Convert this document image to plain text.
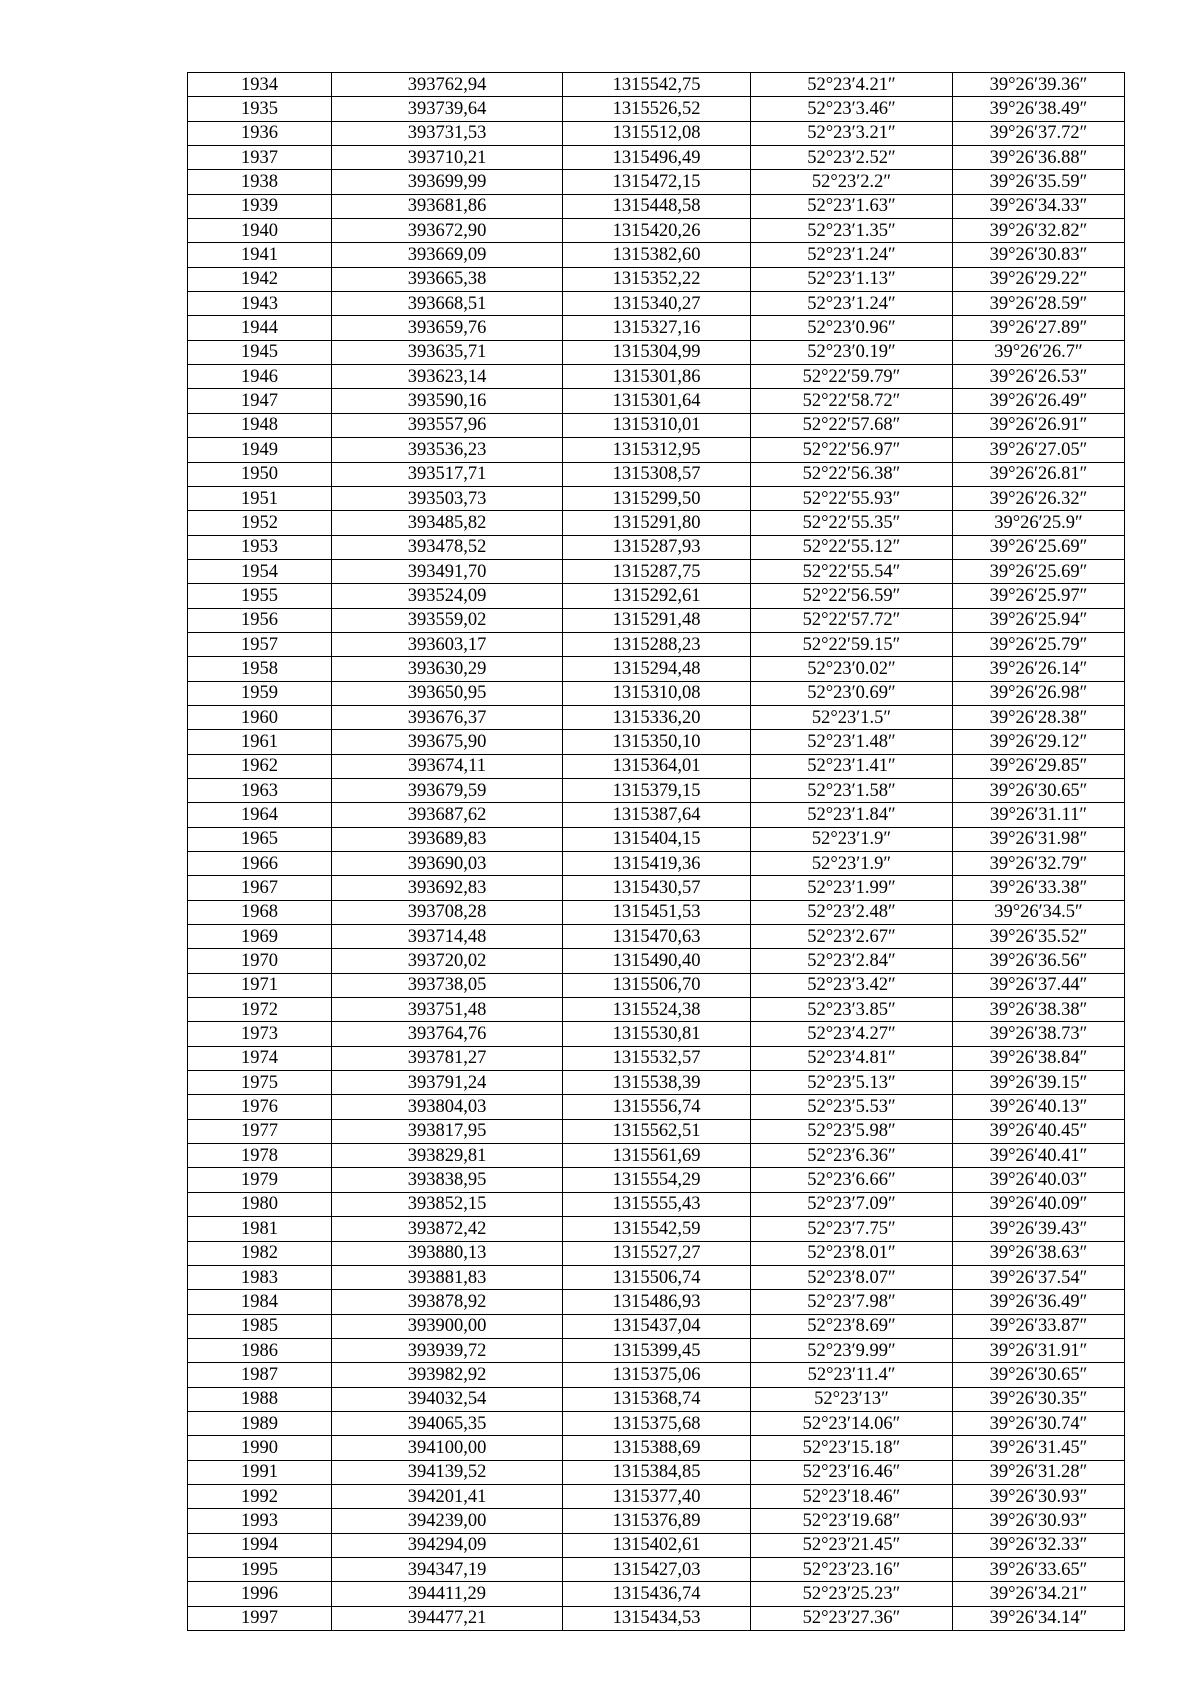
1934	393762,94	1315542,75	52°23′4.21″	39°26′39.36″
1935	393739,64	1315526,52	52°23′3.46″	39°26′38.49″
1936	393731,53	1315512,08	52°23′3.21″	39°26′37.72″
1937	393710,21	1315496,49	52°23′2.52″	39°26′36.88″
1938	393699,99	1315472,15	52°23′2.2″	39°26′35.59″
1939	393681,86	1315448,58	52°23′1.63″	39°26′34.33″
1940	393672,90	1315420,26	52°23′1.35″	39°26′32.82″
1941	393669,09	1315382,60	52°23′1.24″	39°26′30.83″
1942	393665,38	1315352,22	52°23′1.13″	39°26′29.22″
1943	393668,51	1315340,27	52°23′1.24″	39°26′28.59″
1944	393659,76	1315327,16	52°23′0.96″	39°26′27.89″
1945	393635,71	1315304,99	52°23′0.19″	39°26′26.7″
1946	393623,14	1315301,86	52°22′59.79″	39°26′26.53″
1947	393590,16	1315301,64	52°22′58.72″	39°26′26.49″
1948	393557,96	1315310,01	52°22′57.68″	39°26′26.91″
1949	393536,23	1315312,95	52°22′56.97″	39°26′27.05″
1950	393517,71	1315308,57	52°22′56.38″	39°26′26.81″
1951	393503,73	1315299,50	52°22′55.93″	39°26′26.32″
1952	393485,82	1315291,80	52°22′55.35″	39°26′25.9″
1953	393478,52	1315287,93	52°22′55.12″	39°26′25.69″
1954	393491,70	1315287,75	52°22′55.54″	39°26′25.69″
1955	393524,09	1315292,61	52°22′56.59″	39°26′25.97″
1956	393559,02	1315291,48	52°22′57.72″	39°26′25.94″
1957	393603,17	1315288,23	52°22′59.15″	39°26′25.79″
1958	393630,29	1315294,48	52°23′0.02″	39°26′26.14″
1959	393650,95	1315310,08	52°23′0.69″	39°26′26.98″
1960	393676,37	1315336,20	52°23′1.5″	39°26′28.38″
1961	393675,90	1315350,10	52°23′1.48″	39°26′29.12″
1962	393674,11	1315364,01	52°23′1.41″	39°26′29.85″
1963	393679,59	1315379,15	52°23′1.58″	39°26′30.65″
1964	393687,62	1315387,64	52°23′1.84″	39°26′31.11″
1965	393689,83	1315404,15	52°23′1.9″	39°26′31.98″
1966	393690,03	1315419,36	52°23′1.9″	39°26′32.79″
1967	393692,83	1315430,57	52°23′1.99″	39°26′33.38″
1968	393708,28	1315451,53	52°23′2.48″	39°26′34.5″
1969	393714,48	1315470,63	52°23′2.67″	39°26′35.52″
1970	393720,02	1315490,40	52°23′2.84″	39°26′36.56″
1971	393738,05	1315506,70	52°23′3.42″	39°26′37.44″
1972	393751,48	1315524,38	52°23′3.85″	39°26′38.38″
1973	393764,76	1315530,81	52°23′4.27″	39°26′38.73″
1974	393781,27	1315532,57	52°23′4.81″	39°26′38.84″
1975	393791,24	1315538,39	52°23′5.13″	39°26′39.15″
1976	393804,03	1315556,74	52°23′5.53″	39°26′40.13″
1977	393817,95	1315562,51	52°23′5.98″	39°26′40.45″
1978	393829,81	1315561,69	52°23′6.36″	39°26′40.41″
1979	393838,95	1315554,29	52°23′6.66″	39°26′40.03″
1980	393852,15	1315555,43	52°23′7.09″	39°26′40.09″
1981	393872,42	1315542,59	52°23′7.75″	39°26′39.43″
1982	393880,13	1315527,27	52°23′8.01″	39°26′38.63″
1983	393881,83	1315506,74	52°23′8.07″	39°26′37.54″
1984	393878,92	1315486,93	52°23′7.98″	39°26′36.49″
1985	393900,00	1315437,04	52°23′8.69″	39°26′33.87″
1986	393939,72	1315399,45	52°23′9.99″	39°26′31.91″
1987	393982,92	1315375,06	52°23′11.4″	39°26′30.65″
1988	394032,54	1315368,74	52°23′13″	39°26′30.35″
1989	394065,35	1315375,68	52°23′14.06″	39°26′30.74″
1990	394100,00	1315388,69	52°23′15.18″	39°26′31.45″
1991	394139,52	1315384,85	52°23′16.46″	39°26′31.28″
1992	394201,41	1315377,40	52°23′18.46″	39°26′30.93″
1993	394239,00	1315376,89	52°23′19.68″	39°26′30.93″
1994	394294,09	1315402,61	52°23′21.45″	39°26′32.33″
1995	394347,19	1315427,03	52°23′23.16″	39°26′33.65″
1996	394411,29	1315436,74	52°23′25.23″	39°26′34.21″
1997	394477,21	1315434,53	52°23′27.36″	39°26′34.14″
